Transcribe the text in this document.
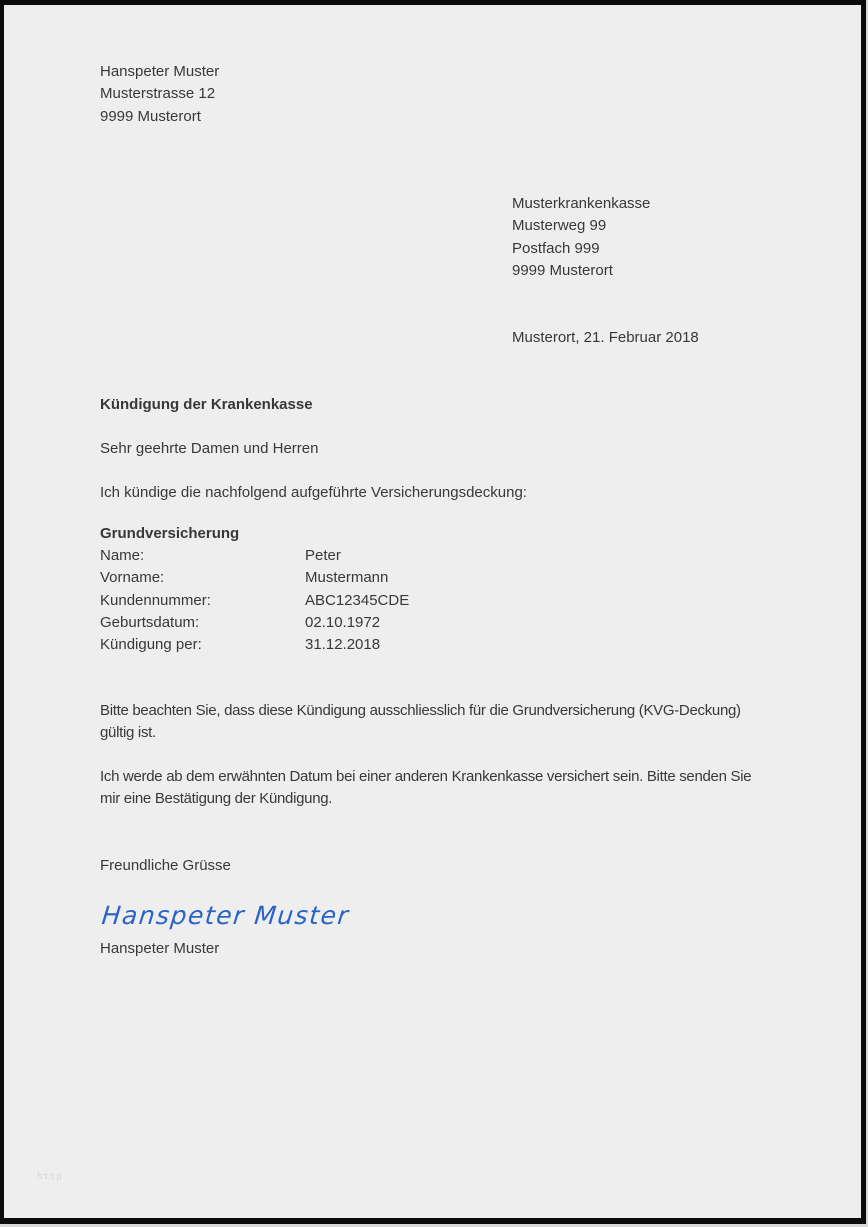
Hanspeter Muster
Musterstrasse 12
9999 Musterort
Musterkrankenkasse
Musterweg 99
Postfach 999
9999 Musterort
Musterort, 21. Februar 2018
Kündigung der Krankenkasse
Sehr geehrte Damen und Herren
Ich kündige die nachfolgend aufgeführte Versicherungsdeckung:
Grundversicherung
Name:	Peter
Vorname:	Mustermann
Kundennummer:	ABC12345CDE
Geburtsdatum:	02.10.1972
Kündigung per:	31.12.2018
Bitte beachten Sie, dass diese Kündigung ausschliesslich für die Grundversicherung (KVG-Deckung) gültig ist.
Ich werde ab dem erwähnten Datum bei einer anderen Krankenkasse versichert sein. Bitte senden Sie mir eine Bestätigung der Kündigung.
Freundliche Grüsse
Hanspeter Muster
Hanspeter Muster
http
